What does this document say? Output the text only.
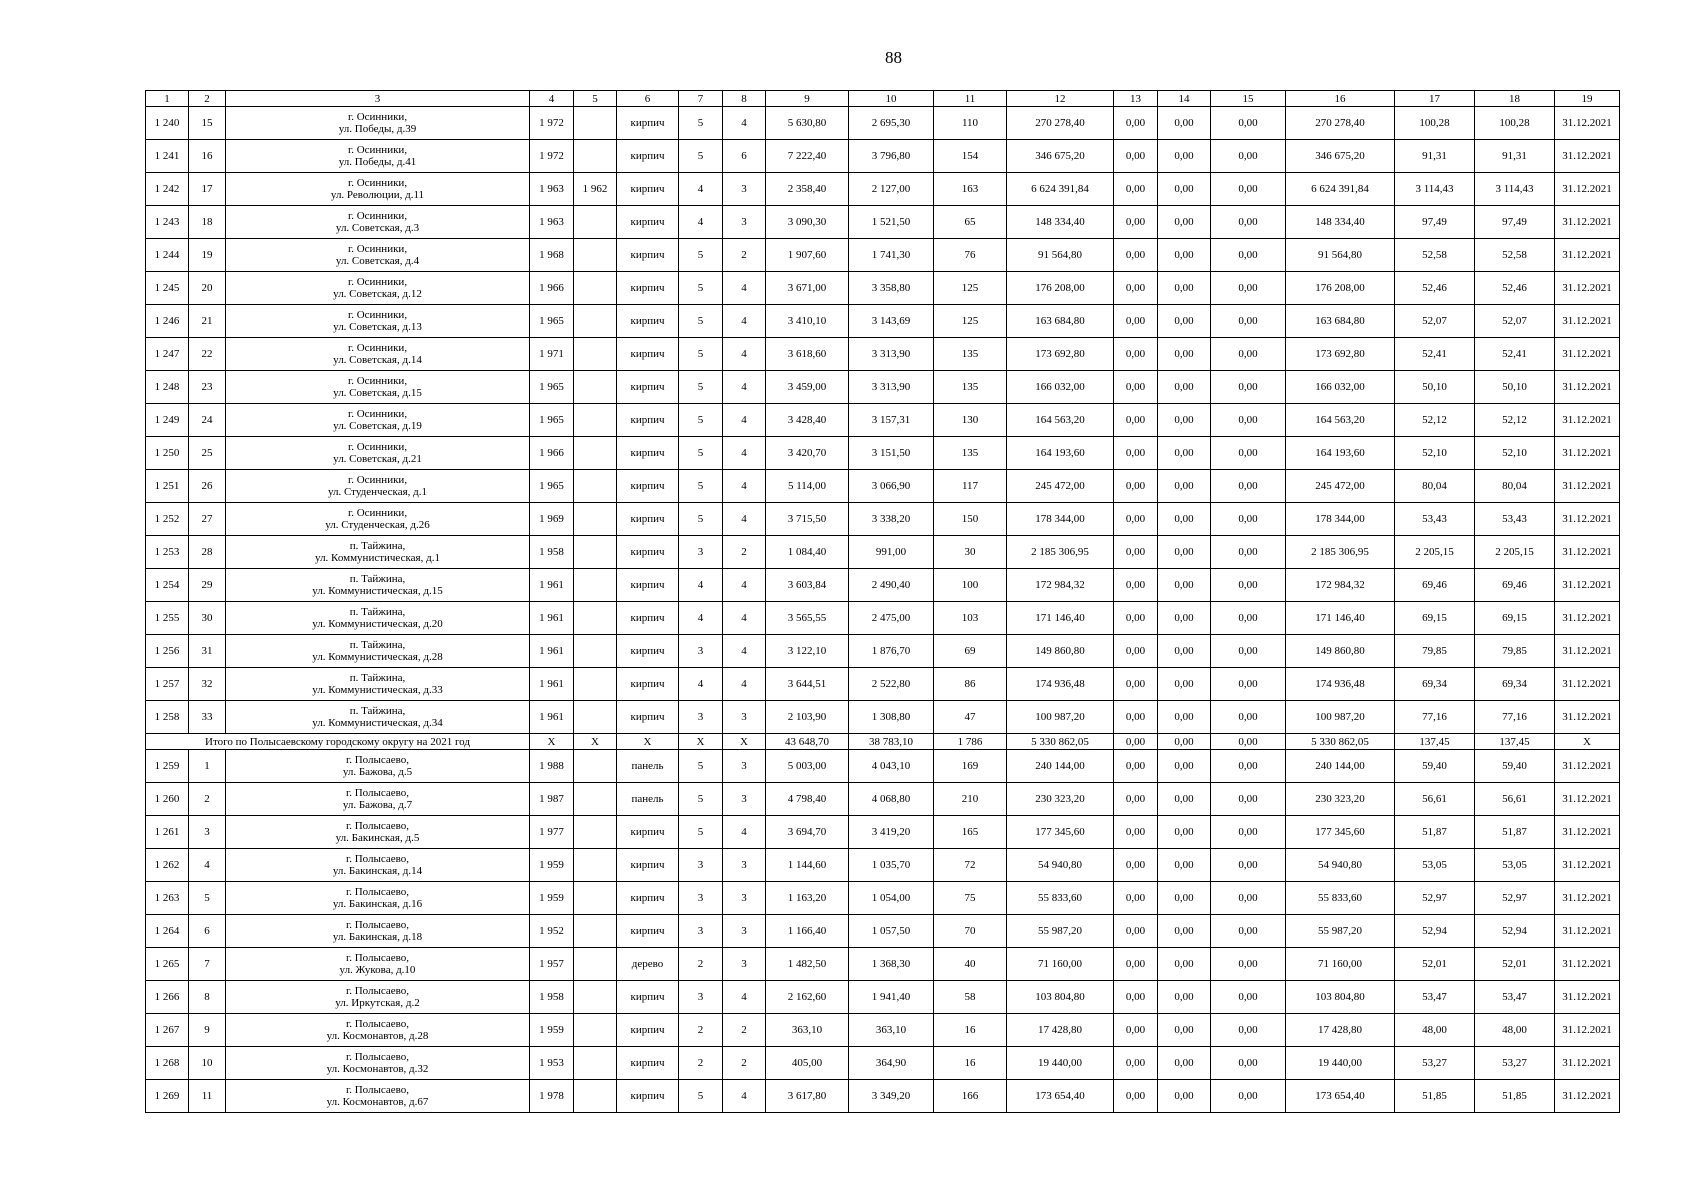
88
1	2	3	4	5	6	7	8	9	10	11	12	13	14	15	16	17	18	19
1 240	15	г. Осинники,
ул. Победы, д.39	1 972		кирпич	5	4	5 630,80	2 695,30	110	270 278,40	0,00	0,00	0,00	270 278,40	100,28	100,28	31.12.2021
1 241	16	г. Осинники,
ул. Победы, д.41	1 972		кирпич	5	6	7 222,40	3 796,80	154	346 675,20	0,00	0,00	0,00	346 675,20	91,31	91,31	31.12.2021
1 242	17	г. Осинники,
ул. Революции, д.11	1 963	1 962	кирпич	4	3	2 358,40	2 127,00	163	6 624 391,84	0,00	0,00	0,00	6 624 391,84	3 114,43	3 114,43	31.12.2021
1 243	18	г. Осинники,
ул. Советская, д.3	1 963		кирпич	4	3	3 090,30	1 521,50	65	148 334,40	0,00	0,00	0,00	148 334,40	97,49	97,49	31.12.2021
1 244	19	г. Осинники,
ул. Советская, д.4	1 968		кирпич	5	2	1 907,60	1 741,30	76	91 564,80	0,00	0,00	0,00	91 564,80	52,58	52,58	31.12.2021
1 245	20	г. Осинники,
ул. Советская, д.12	1 966		кирпич	5	4	3 671,00	3 358,80	125	176 208,00	0,00	0,00	0,00	176 208,00	52,46	52,46	31.12.2021
1 246	21	г. Осинники,
ул. Советская, д.13	1 965		кирпич	5	4	3 410,10	3 143,69	125	163 684,80	0,00	0,00	0,00	163 684,80	52,07	52,07	31.12.2021
1 247	22	г. Осинники,
ул. Советская, д.14	1 971		кирпич	5	4	3 618,60	3 313,90	135	173 692,80	0,00	0,00	0,00	173 692,80	52,41	52,41	31.12.2021
1 248	23	г. Осинники,
ул. Советская, д.15	1 965		кирпич	5	4	3 459,00	3 313,90	135	166 032,00	0,00	0,00	0,00	166 032,00	50,10	50,10	31.12.2021
1 249	24	г. Осинники,
ул. Советская, д.19	1 965		кирпич	5	4	3 428,40	3 157,31	130	164 563,20	0,00	0,00	0,00	164 563,20	52,12	52,12	31.12.2021
1 250	25	г. Осинники,
ул. Советская, д.21	1 966		кирпич	5	4	3 420,70	3 151,50	135	164 193,60	0,00	0,00	0,00	164 193,60	52,10	52,10	31.12.2021
1 251	26	г. Осинники,
ул. Студенческая, д.1	1 965		кирпич	5	4	5 114,00	3 066,90	117	245 472,00	0,00	0,00	0,00	245 472,00	80,04	80,04	31.12.2021
1 252	27	г. Осинники,
ул. Студенческая, д.26	1 969		кирпич	5	4	3 715,50	3 338,20	150	178 344,00	0,00	0,00	0,00	178 344,00	53,43	53,43	31.12.2021
1 253	28	п. Тайжина,
ул. Коммунистическая, д.1	1 958		кирпич	3	2	1 084,40	991,00	30	2 185 306,95	0,00	0,00	0,00	2 185 306,95	2 205,15	2 205,15	31.12.2021
1 254	29	п. Тайжина,
ул. Коммунистическая, д.15	1 961		кирпич	4	4	3 603,84	2 490,40	100	172 984,32	0,00	0,00	0,00	172 984,32	69,46	69,46	31.12.2021
1 255	30	п. Тайжина,
ул. Коммунистическая, д.20	1 961		кирпич	4	4	3 565,55	2 475,00	103	171 146,40	0,00	0,00	0,00	171 146,40	69,15	69,15	31.12.2021
1 256	31	п. Тайжина,
ул. Коммунистическая, д.28	1 961		кирпич	3	4	3 122,10	1 876,70	69	149 860,80	0,00	0,00	0,00	149 860,80	79,85	79,85	31.12.2021
1 257	32	п. Тайжина,
ул. Коммунистическая, д.33	1 961		кирпич	4	4	3 644,51	2 522,80	86	174 936,48	0,00	0,00	0,00	174 936,48	69,34	69,34	31.12.2021
1 258	33	п. Тайжина,
ул. Коммунистическая, д.34	1 961		кирпич	3	3	2 103,90	1 308,80	47	100 987,20	0,00	0,00	0,00	100 987,20	77,16	77,16	31.12.2021
Итого по Полысаевскому городскому округу на 2021 год			X	X	X	X	X	43 648,70	38 783,10	1 786	5 330 862,05	0,00	0,00	0,00	5 330 862,05	137,45	137,45	X
1 259	1	г. Полысаево,
ул. Бажова, д.5	1 988		панель	5	3	5 003,00	4 043,10	169	240 144,00	0,00	0,00	0,00	240 144,00	59,40	59,40	31.12.2021
1 260	2	г. Полысаево,
ул. Бажова, д.7	1 987		панель	5	3	4 798,40	4 068,80	210	230 323,20	0,00	0,00	0,00	230 323,20	56,61	56,61	31.12.2021
1 261	3	г. Полысаево,
ул. Бакинская, д.5	1 977		кирпич	5	4	3 694,70	3 419,20	165	177 345,60	0,00	0,00	0,00	177 345,60	51,87	51,87	31.12.2021
1 262	4	г. Полысаево,
ул. Бакинская, д.14	1 959		кирпич	3	3	1 144,60	1 035,70	72	54 940,80	0,00	0,00	0,00	54 940,80	53,05	53,05	31.12.2021
1 263	5	г. Полысаево,
ул. Бакинская, д.16	1 959		кирпич	3	3	1 163,20	1 054,00	75	55 833,60	0,00	0,00	0,00	55 833,60	52,97	52,97	31.12.2021
1 264	6	г. Полысаево,
ул. Бакинская, д.18	1 952		кирпич	3	3	1 166,40	1 057,50	70	55 987,20	0,00	0,00	0,00	55 987,20	52,94	52,94	31.12.2021
1 265	7	г. Полысаево,
ул. Жукова, д.10	1 957		дерево	2	3	1 482,50	1 368,30	40	71 160,00	0,00	0,00	0,00	71 160,00	52,01	52,01	31.12.2021
1 266	8	г. Полысаево,
ул. Иркутская, д.2	1 958		кирпич	3	4	2 162,60	1 941,40	58	103 804,80	0,00	0,00	0,00	103 804,80	53,47	53,47	31.12.2021
1 267	9	г. Полысаево,
ул. Космонавтов, д.28	1 959		кирпич	2	2	363,10	363,10	16	17 428,80	0,00	0,00	0,00	17 428,80	48,00	48,00	31.12.2021
1 268	10	г. Полысаево,
ул. Космонавтов, д.32	1 953		кирпич	2	2	405,00	364,90	16	19 440,00	0,00	0,00	0,00	19 440,00	53,27	53,27	31.12.2021
1 269	11	г. Полысаево,
ул. Космонавтов, д.67	1 978		кирпич	5	4	3 617,80	3 349,20	166	173 654,40	0,00	0,00	0,00	173 654,40	51,85	51,85	31.12.2021
